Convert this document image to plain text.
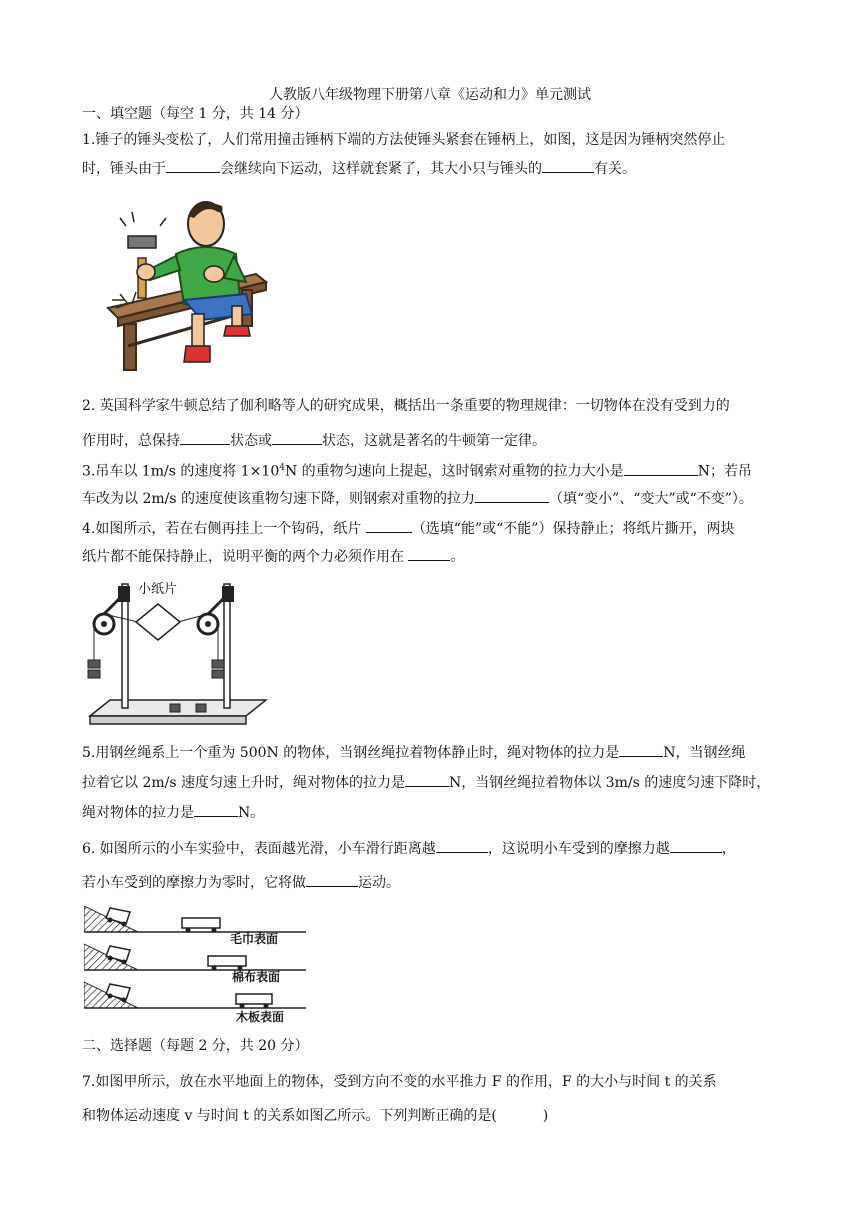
人教版八年级物理下册第八章《运动和力》单元测试
一、填空题（每空 1 分，共 14 分）
1.锤子的锤头变松了，人们常用撞击锤柄下端的方法使锤头紧套在锤柄上，如图，这是因为锤柄突然停止
时，锤头由于	会继续向下运动，这样就套紧了，其大小只与锤头的	有关。
2. 英国科学家牛顿总结了伽利略等人的研究成果，概括出一条重要的物理规律：一切物体在没有受到力的
作用时，总保持	状态或	状态，这就是著名的牛顿第一定律。
3.吊车以 1m/s 的速度将 $1\times 10^4N$ 的重物匀速向上提起，这时钢索对重物的拉力大小是	N；若吊
车改为以 2m/s 的速度使该重物匀速下降，则钢索对重物的拉力	（填“变小”、“变大”或“不变”）。
4.如图所示，若在右侧再挂上一个钩码，纸片	（选填“能”或“不能”）保持静止；将纸片撕开，两块
纸片都不能保持静止，说明平衡的两个力必须作用在	。
小纸片
5.用钢丝绳系上一个重为 500N 的物体，当钢丝绳拉着物体静止时，绳对物体的拉力是	N，当钢丝绳
拉着它以 2m/s 速度匀速上升时，绳对物体的拉力是	N，当钢丝绳拉着物体以 3m/s 的速度匀速下降时，
绳对物体的拉力是	N。
6. 如图所示的小车实验中，表面越光滑，小车滑行距离越	，这说明小车受到的摩擦力越	，
若小车受到的摩擦力为零时，它将做	运动。
毛巾表面
棉布表面
木板表面
二、选择题（每题 2 分，共 20 分）
7.如图甲所示，放在水平地面上的物体，受到方向不变的水平推力 F 的作用，F 的大小与时间 t 的关系
和物体运动速度 v 与时间 t 的关系如图乙所示。下列判断正确的是(	)
